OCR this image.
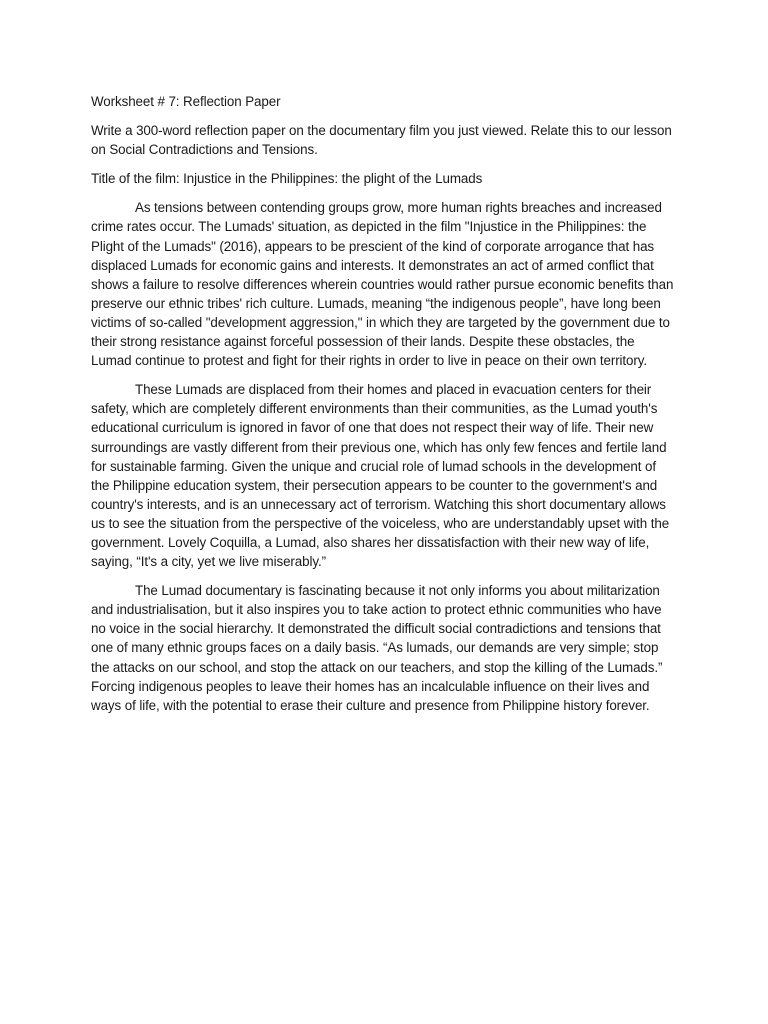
Worksheet # 7: Reflection Paper

Write a 300-word reflection paper on the documentary film you just viewed. Relate this to our lesson on Social Contradictions and Tensions.

Title of the film: Injustice in the Philippines: the plight of the Lumads

As tensions between contending groups grow, more human rights breaches and increased crime rates occur. The Lumads' situation, as depicted in the film "Injustice in the Philippines: the Plight of the Lumads" (2016), appears to be prescient of the kind of corporate arrogance that has displaced Lumads for economic gains and interests. It demonstrates an act of armed conflict that shows a failure to resolve differences wherein countries would rather pursue economic benefits than preserve our ethnic tribes' rich culture. Lumads, meaning “the indigenous people”, have long been victims of so-called "development aggression," in which they are targeted by the government due to their strong resistance against forceful possession of their lands. Despite these obstacles, the Lumad continue to protest and fight for their rights in order to live in peace on their own territory.

These Lumads are displaced from their homes and placed in evacuation centers for their safety, which are completely different environments than their communities, as the Lumad youth's educational curriculum is ignored in favor of one that does not respect their way of life. Their new surroundings are vastly different from their previous one, which has only few fences and fertile land for sustainable farming. Given the unique and crucial role of lumad schools in the development of the Philippine education system, their persecution appears to be counter to the government's and country's interests, and is an unnecessary act of terrorism. Watching this short documentary allows us to see the situation from the perspective of the voiceless, who are understandably upset with the government. Lovely Coquilla, a Lumad, also shares her dissatisfaction with their new way of life, saying, “It's a city, yet we live miserably.”

The Lumad documentary is fascinating because it not only informs you about militarization and industrialisation, but it also inspires you to take action to protect ethnic communities who have no voice in the social hierarchy. It demonstrated the difficult social contradictions and tensions that one of many ethnic groups faces on a daily basis. “As lumads, our demands are very simple; stop the attacks on our school, and stop the attack on our teachers, and stop the killing of the Lumads.” Forcing indigenous peoples to leave their homes has an incalculable influence on their lives and ways of life, with the potential to erase their culture and presence from Philippine history forever.
